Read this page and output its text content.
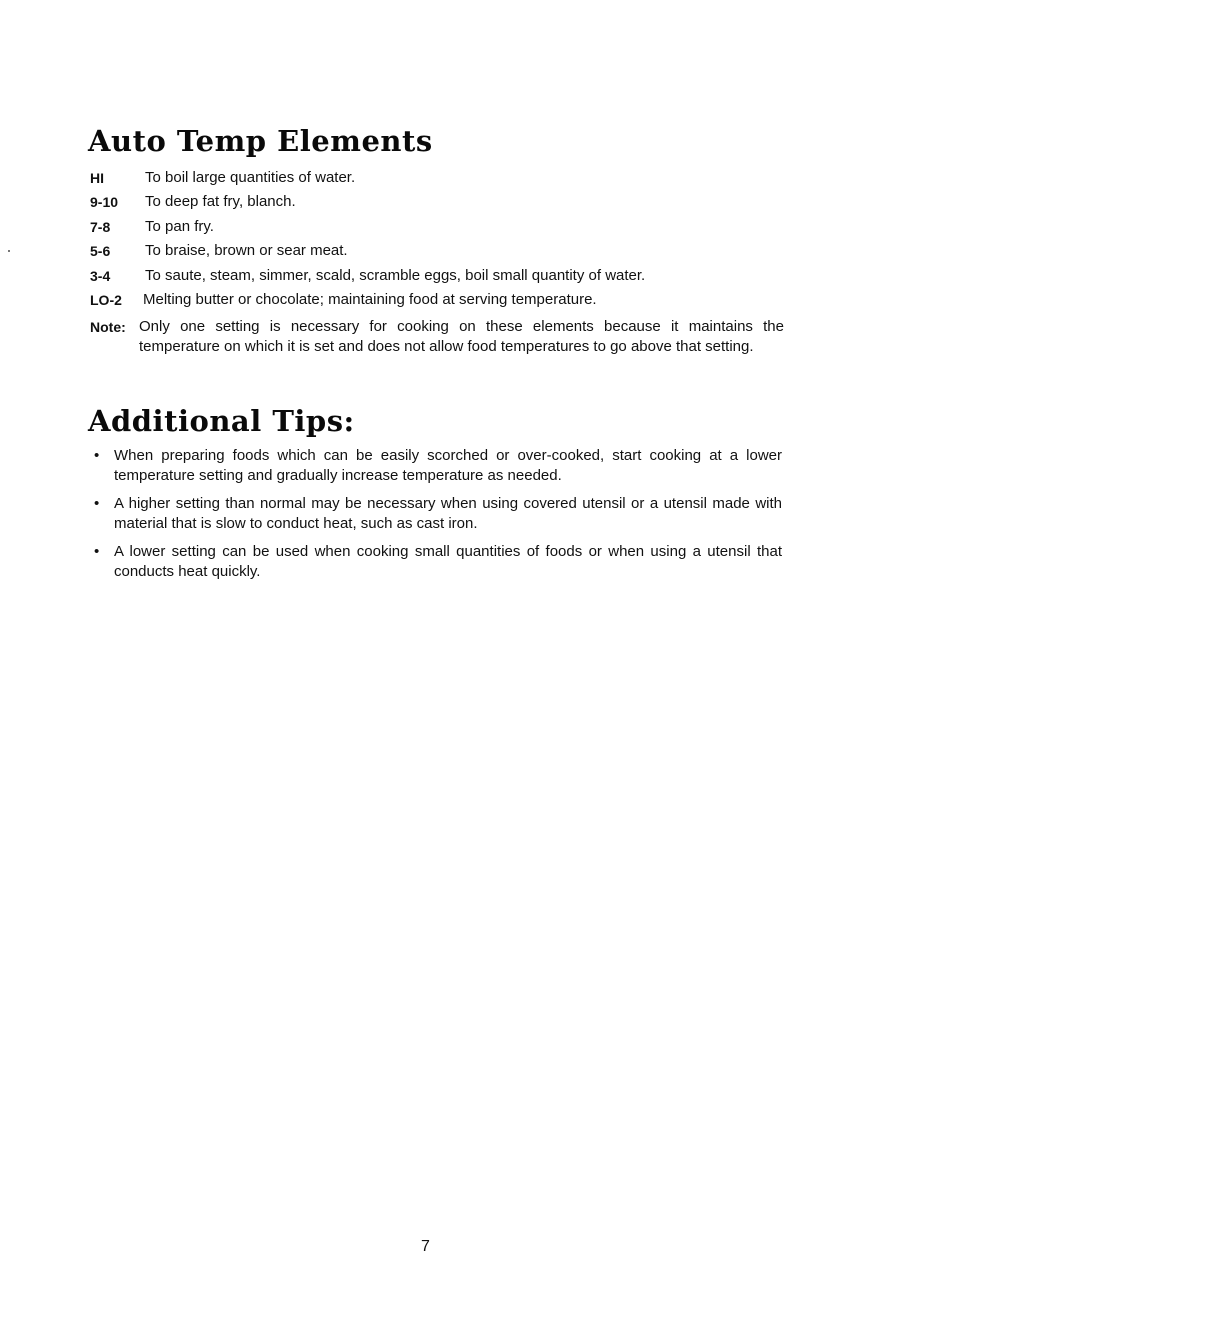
Auto Temp Elements
HI	To boil large quantities of water.
9-10 To deep fat fry, blanch.
7-8 To pan fry.
5-6 To braise, brown or sear meat.
3-4 To saute, steam, simmer, scald, scramble eggs, boil small quantity of water.
LO-2 Melting butter or chocolate; maintaining food at serving temperature.
Note: Only one setting is necessary for cooking on these elements because it maintains the temperature on which it is set and does not allow food temperatures to go above that setting.
Additional Tips:
• When preparing foods which can be easily scorched or over-cooked, start cooking at a lower temperature setting and gradually increase temperature as needed.
• A higher setting than normal may be necessary when using covered utensil or a utensil made with material that is slow to conduct heat, such as cast iron.
• A lower setting can be used when cooking small quantities of foods or when using a utensil that conducts heat quickly.
7
